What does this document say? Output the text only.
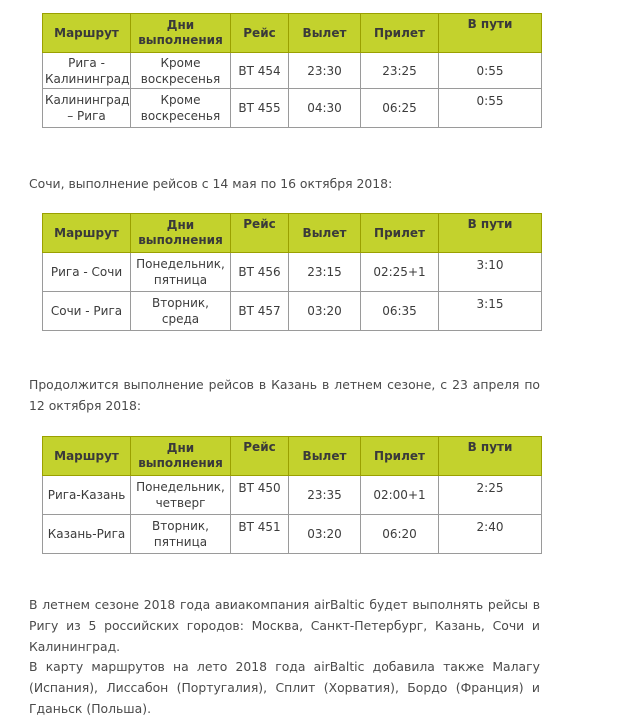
Маршрут	Дни выполнения	Рейс	Вылет	Прилет	В пути
Рига - Калининград	Кроме воскресенья	BT 454	23:30	23:25	0:55
Калининград – Рига	Кроме воскресенья	BT 455	04:30	06:25	0:55

Сочи, выполнение рейсов с 14 мая по 16 октября 2018:

Маршрут	Дни выполнения	Рейс	Вылет	Прилет	В пути
Рига - Сочи	Понедельник, пятница	BT 456	23:15	02:25+1	3:10
Сочи - Рига	Вторник, среда	BT 457	03:20	06:35	3:15

Продолжится выполнение рейсов в Казань в летнем сезоне, с 23 апреля по 12 октября 2018:

Маршрут	Дни выполнения	Рейс	Вылет	Прилет	В пути
Рига-Казань	Понедельник, четверг	BT 450	23:35	02:00+1	2:25
Казань-Рига	Вторник, пятница	BT 451	03:20	06:20	2:40

В летнем сезоне 2018 года авиакомпания airBaltic будет выполнять рейсы в Ригу из 5 российских городов: Москва, Санкт-Петербург, Казань, Сочи и Калининград.

В карту маршрутов на лето 2018 года airBaltic добавила также Малагу (Испания), Лиссабон (Португалия), Сплит (Хорватия), Бордо (Франция) и Гданьск (Польша).
